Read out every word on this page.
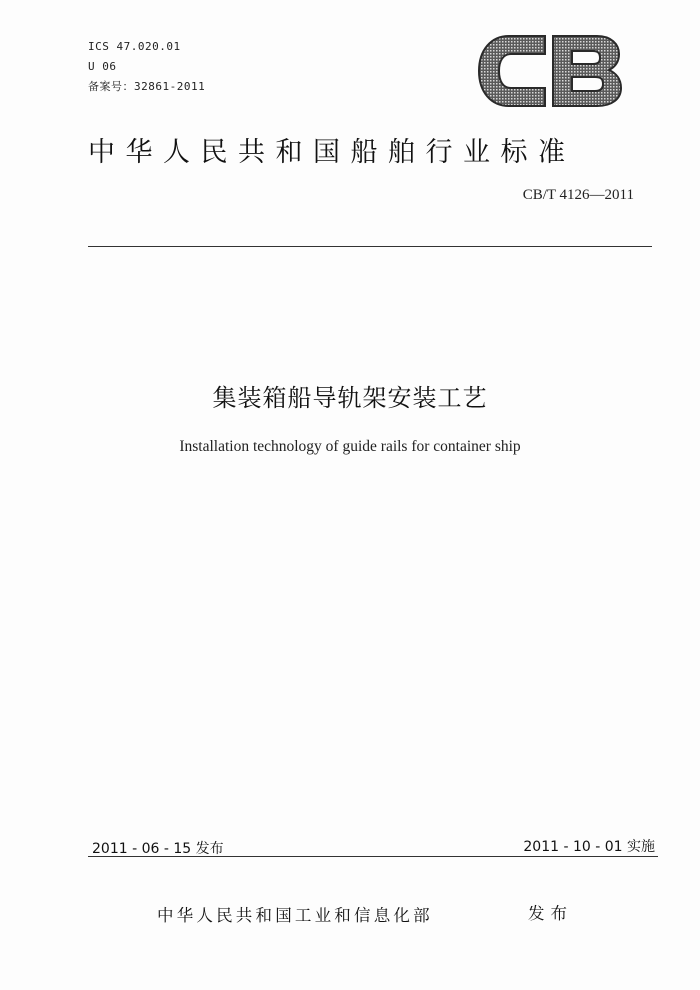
ICS 47.020.01
U 06
备案号：32861-2011
中华人民共和国船舶行业标准
CB/T 4126—2011
集装箱船导轨架安装工艺
Installation technology of guide rails for container ship
2011 - 06 - 15 发布	2011 - 10 - 01 实施
中华人民共和国工业和信息化部	发布
